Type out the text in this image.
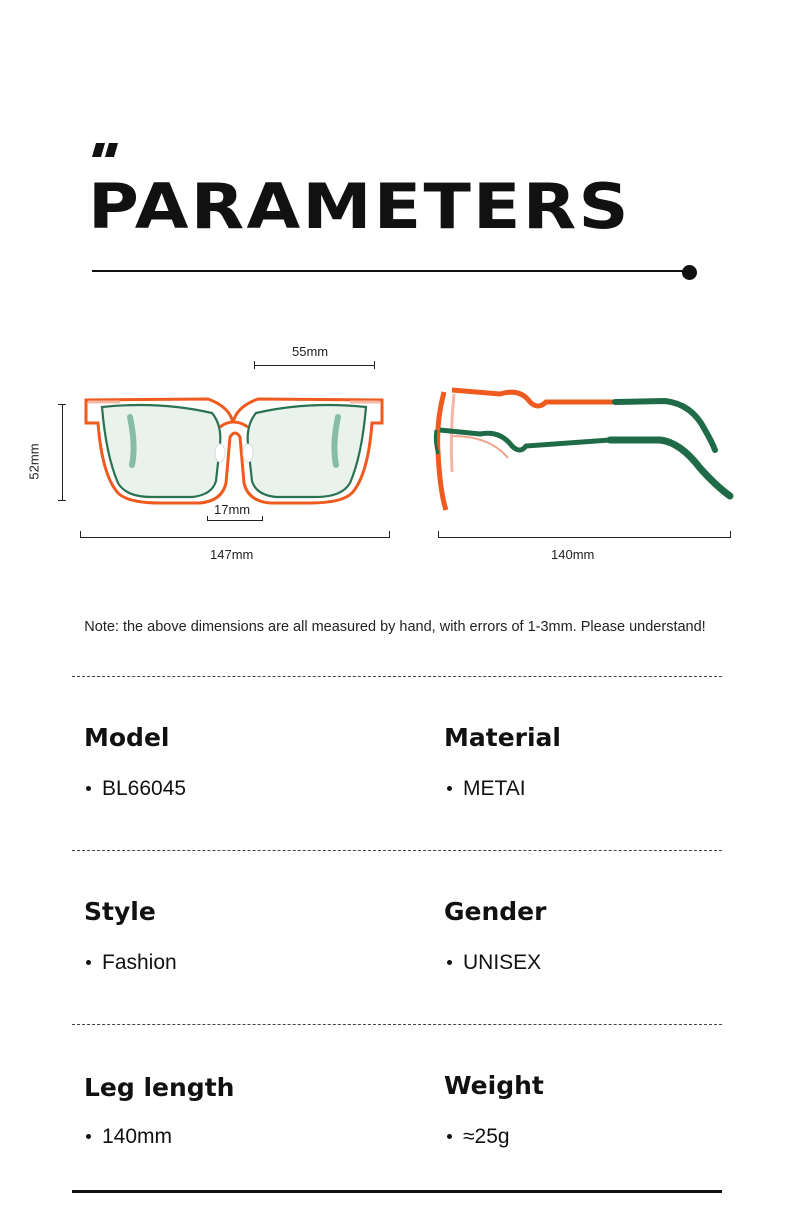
PARAMETERS
55mm
52mm
17mm
147mm	140mm
Note: the above dimensions are all measured by hand, with errors of 1-3mm. Please understand!
Model
BL66045
Material
METAI
Style
Fashion
Gender
UNISEX
Leg length
140mm
Weight
≈25g
